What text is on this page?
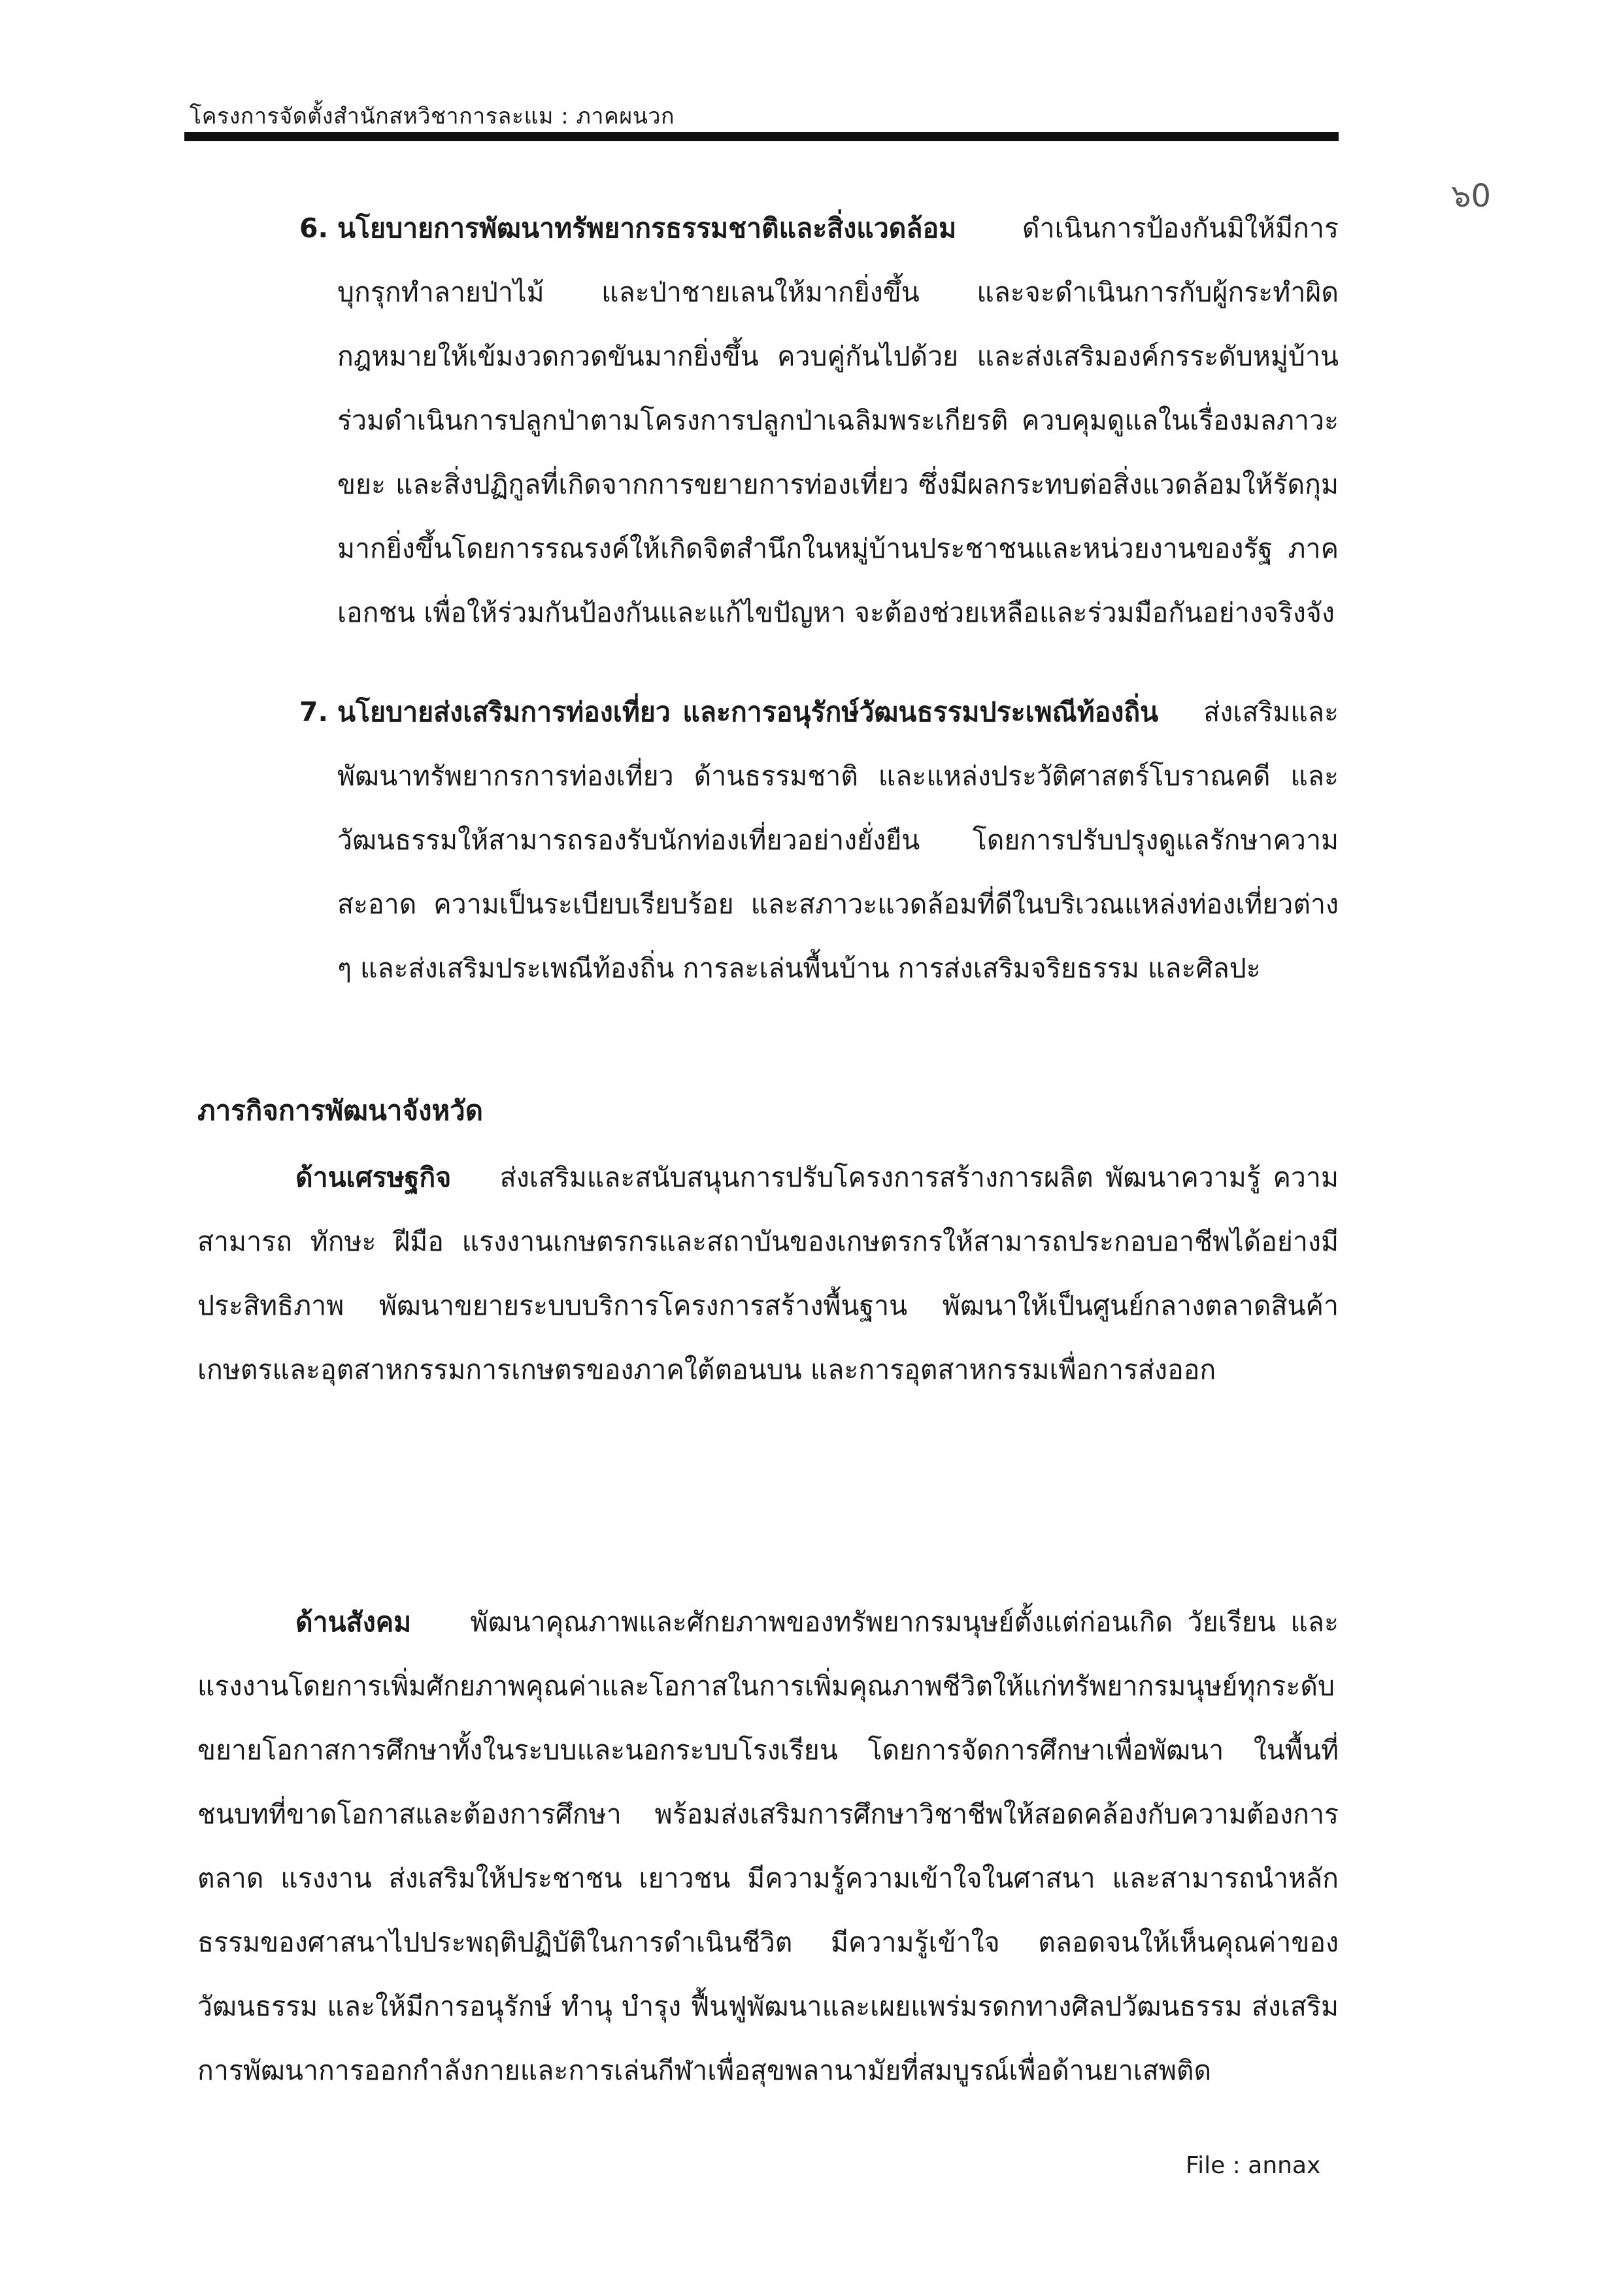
โครงการจัดตั้งสำนักสหวิชาการละแม : ภาคผนวก
๖0
6. นโยบายการพัฒนาทรัพยากรธรรมชาติและสิ่งแวดล้อม ดำเนินการป้องกันมิให้มีการบุกรุกทำลายป่าไม้ และป่าชายเลนให้มากยิ่งขึ้น และจะดำเนินการกับผู้กระทำผิดกฎหมายให้เข้มงวดกวดขันมากยิ่งขึ้น ควบคู่กันไปด้วย และส่งเสริมองค์กรระดับหมู่บ้านร่วมดำเนินการปลูกป่าตามโครงการปลูกป่าเฉลิมพระเกียรติ ควบคุมดูแลในเรื่องมลภาวะ ขยะ และสิ่งปฏิกูลที่เกิดจากการขยายการท่องเที่ยว ซึ่งมีผลกระทบต่อสิ่งแวดล้อมให้รัดกุมมากยิ่งขึ้นโดยการรณรงค์ให้เกิดจิตสำนึกในหมู่บ้านประชาชนและหน่วยงานของรัฐ ภาคเอกชน เพื่อให้ร่วมกันป้องกันและแก้ไขปัญหา จะต้องช่วยเหลือและร่วมมือกันอย่างจริงจัง
7. นโยบายส่งเสริมการท่องเที่ยว และการอนุรักษ์วัฒนธรรมประเพณีท้องถิ่น ส่งเสริมและพัฒนาทรัพยากรการท่องเที่ยว ด้านธรรมชาติ และแหล่งประวัติศาสตร์โบราณคดี และวัฒนธรรมให้สามารถรองรับนักท่องเที่ยวอย่างยั่งยืน โดยการปรับปรุงดูแลรักษาความสะอาด ความเป็นระเบียบเรียบร้อย และสภาวะแวดล้อมที่ดีในบริเวณแหล่งท่องเที่ยวต่าง ๆ และส่งเสริมประเพณีท้องถิ่น การละเล่นพื้นบ้าน การส่งเสริมจริยธรรม และศิลปะ
ภารกิจการพัฒนาจังหวัด
ด้านเศรษฐกิจ ส่งเสริมและสนับสนุนการปรับโครงการสร้างการผลิต พัฒนาความรู้ ความสามารถ ทักษะ ฝีมือ แรงงานเกษตรกรและสถาบันของเกษตรกรให้สามารถประกอบอาชีพได้อย่างมีประสิทธิภาพ พัฒนาขยายระบบบริการโครงการสร้างพื้นฐาน พัฒนาให้เป็นศูนย์กลางตลาดสินค้าเกษตรและอุตสาหกรรมการเกษตรของภาคใต้ตอนบน และการอุตสาหกรรมเพื่อการส่งออก
ด้านสังคม พัฒนาคุณภาพและศักยภาพของทรัพยากรมนุษย์ตั้งแต่ก่อนเกิด วัยเรียน และแรงงานโดยการเพิ่มศักยภาพคุณค่าและโอกาสในการเพิ่มคุณภาพชีวิตให้แก่ทรัพยากรมนุษย์ทุกระดับ ขยายโอกาสการศึกษาทั้งในระบบและนอกระบบโรงเรียน โดยการจัดการศึกษาเพื่อพัฒนา ในพื้นที่ชนบทที่ขาดโอกาสและต้องการศึกษา พร้อมส่งเสริมการศึกษาวิชาชีพให้สอดคล้องกับความต้องการตลาด แรงงาน ส่งเสริมให้ประชาชน เยาวชน มีความรู้ความเข้าใจในศาสนา และสามารถนำหลักธรรมของศาสนาไปประพฤติปฏิบัติในการดำเนินชีวิต มีความรู้เข้าใจ ตลอดจนให้เห็นคุณค่าของวัฒนธรรม และให้มีการอนุรักษ์ ทำนุ บำรุง ฟื้นฟูพัฒนาและเผยแพร่มรดกทางศิลปวัฒนธรรม ส่งเสริมการพัฒนาการออกกำลังกายและการเล่นกีฬาเพื่อสุขพลานามัยที่สมบูรณ์เพื่อด้านยาเสพติด
File : annax
